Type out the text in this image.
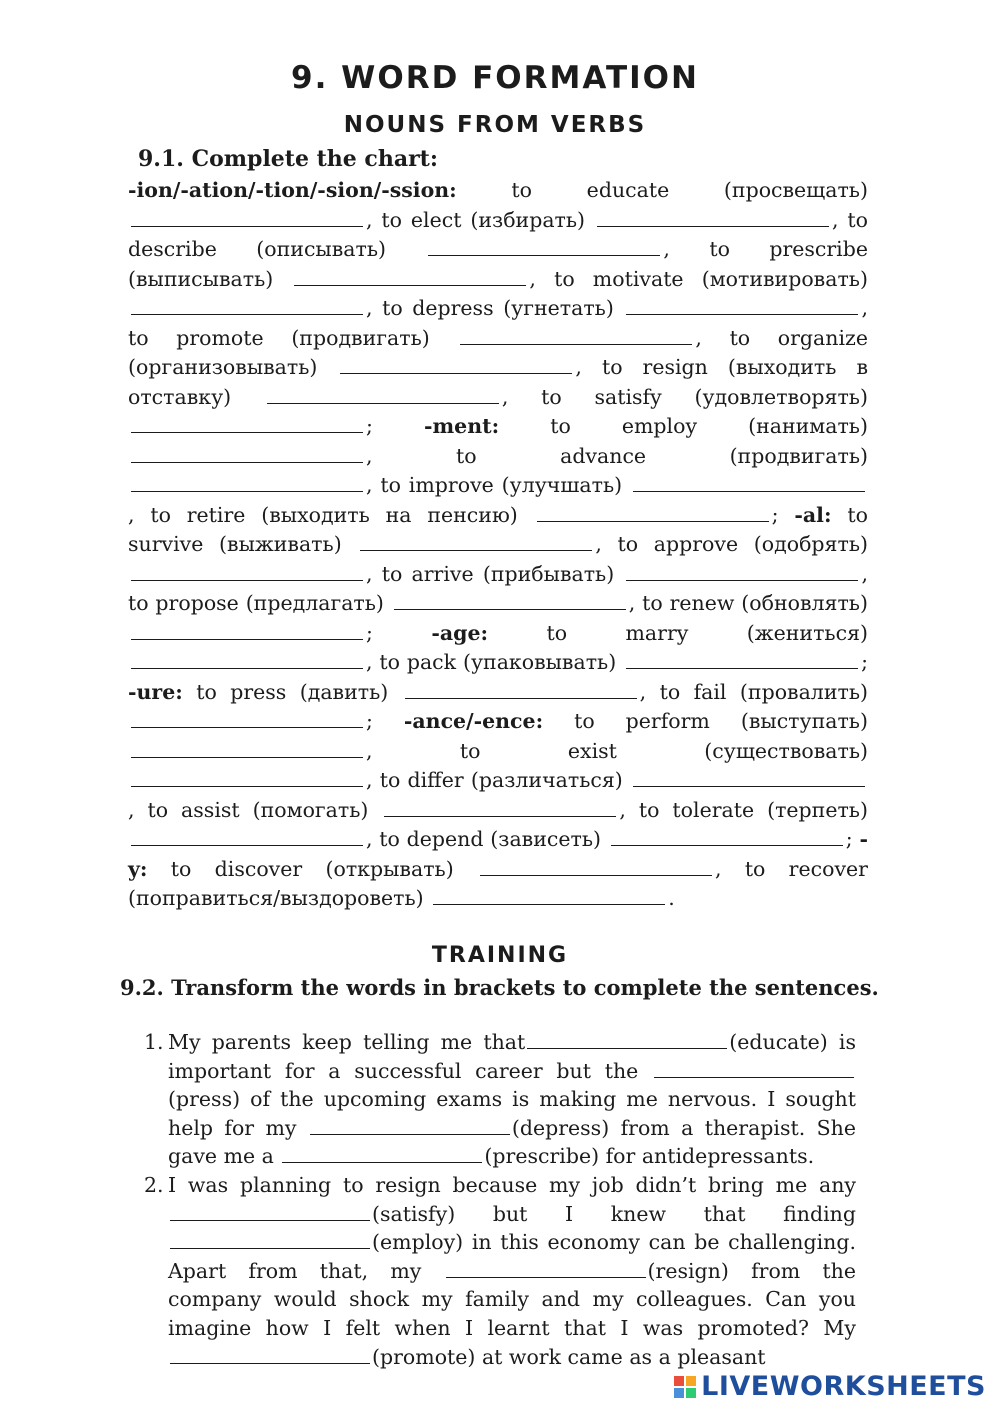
9. WORD FORMATION
NOUNS FROM VERBS
9.1. Complete the chart:
-ion/-ation/-tion/-sion/-ssion:	to educate	(просвещать) , to elect (избирать)	, to describe (описывать)	, to prescribe (выписывать)	, to motivate (мотивировать) , to depress (угнетать)	, to promote (продвигать)	, to organize (организовывать)	, to resign (выходить в отставку)	, to satisfy (удовлетворять) ; -ment: to employ (нанимать) , to advance	(продвигать) , to improve (улучшать) , to retire (выходить на пенсию)	; -al: to survive (выживать)	, to approve (одобрять) , to arrive (прибывать)	, to propose (предлагать)	, to renew (обновлять) ; -age:	to marry	(жениться) , to pack (упаковывать)	; -ure: to press (давить)	, to fail (провалить) ; -ance/-ence: to perform (выступать) , to exist	(существовать) , to differ (различаться) , to assist (помогать)	, to tolerate (терпеть) , to depend (зависеть)	; -y: to discover (открывать)	, to recover (поправиться/выздороветь)	.
TRAINING
9.2. Transform the words in brackets to complete the sentences.
1. My parents keep telling me that	(educate) is important for a successful career but the (press) of the upcoming exams is making me nervous. I sought help for my	(depress) from a therapist. She gave me a	(prescribe) for antidepressants.
2. I was planning to resign because my job didn’t bring me any (satisfy) but I knew that finding (employ) in this economy can be challenging. Apart from that, my	(resign) from the company would shock my family and my colleagues. Can you imagine how I felt when I learnt that I was promoted? My(promote) at work came as a pleasant
LIVEWORKSHEETS
